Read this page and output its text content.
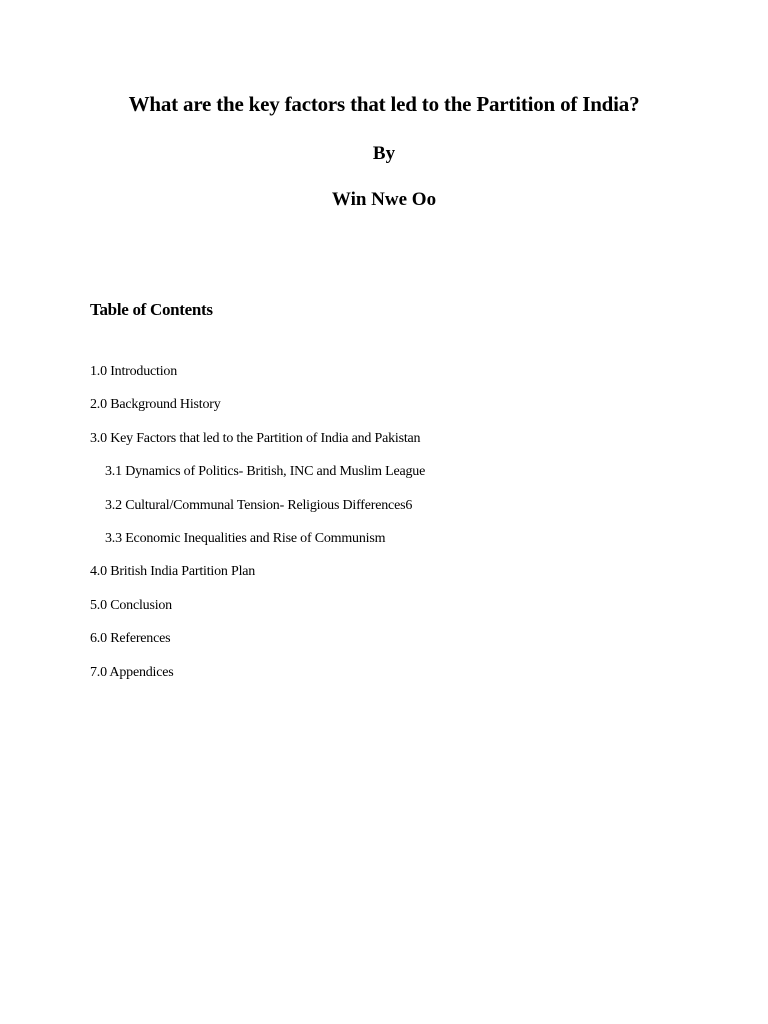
What are the key factors that led to the Partition of India?

By

Win Nwe Oo

Table of Contents
1.0 Introduction
2.0 Background History
3.0 Key Factors that led to the Partition of India and Pakistan
3.1 Dynamics of Politics- British, INC and Muslim League
3.2 Cultural/Communal Tension- Religious Differences6
3.3 Economic Inequalities and Rise of Communism
4.0 British India Partition Plan
5.0 Conclusion
6.0 References
7.0 Appendices
